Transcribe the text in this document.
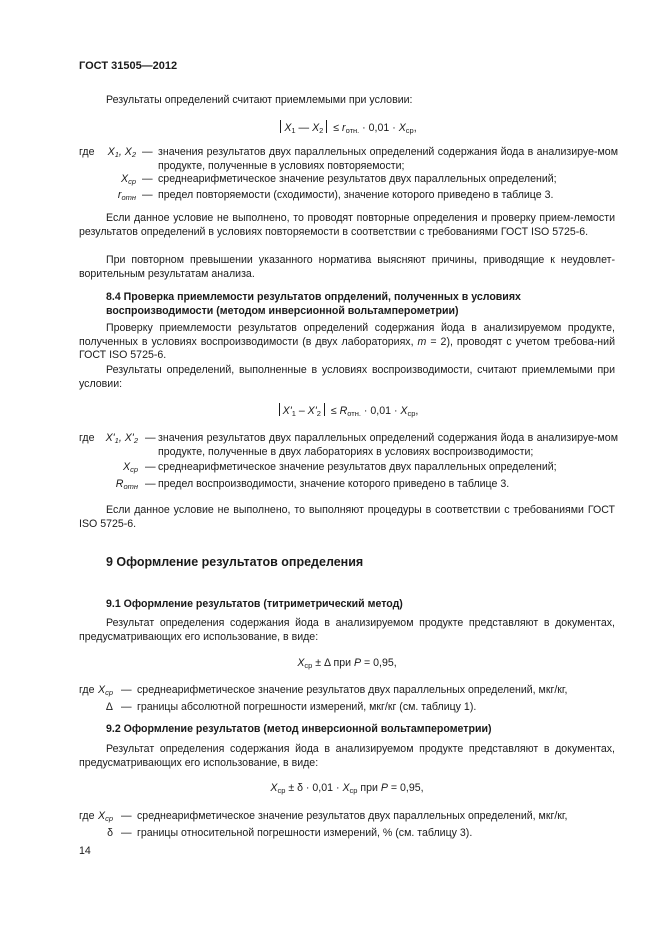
ГОСТ 31505—2012
Результаты определений считают приемлемыми при условии:
$X_1$ — $X_2 \le r_{отн.} \cdot 0,01 \cdot X_{ср}$,
где	$X_1$, $X_2$ — значения результатов двух параллельных определений содержания йода в анализируе-мом продукте, полученные в условиях повторяемости;
$X_{ср}$ — среднеарифметическое значение результатов двух параллельных определений;
$r_{отн}$ — предел повторяемости (сходимости), значение которого приведено в таблице 3.
Если данное условие не выполнено, то проводят повторные определения и проверку прием-лемости результатов определений в условиях повторяемости в соответствии с требованиями ГОСТ ISO 5725-6.
При повторном превышении указанного норматива выясняют причины, приводящие к неудовлет-ворительным результатам анализа.
8.4 Проверка приемлемости результатов опрделений, полученных в условиях воспроизводимости (методом инверсионной вольтамперометрии)
Проверку приемлемости результатов определений содержания йода в анализируемом продукте, полученных в условиях воспроизводимости (в двух лабораториях, m = 2), проводят с учетом требова-ний ГОСТ ISO 5725-6.
Результаты определений, выполненные в условиях воспроизводимости, считают приемлемыми при условии:
$X'_1 - X'_2 \le R_{отн.} \cdot 0,01 \cdot X_{ср}$,
где	$X'_1$, $X'_2$ — значения результатов двух параллельных определений содержания йода в анализируе-мом продукте, полученные в двух лабораториях в условиях воспроизводимости;
$X_{ср}$ — среднеарифметическое значение результатов двух параллельных определений;
$R_{отн}$ — предел воспроизводимости, значение которого приведено в таблице 3.
Если данное условие не выполнено, то выполняют процедуры в соответствии с требованиями ГОСТ ISO 5725-6.
9 Оформление результатов определения
9.1 Оформление результатов (титриметрический метод)
Результат определения содержания йода в анализируемом продукте представляют в документах, предусматривающих его использование, в виде:
$X_{ср} \pm \Delta$ при P = 0,95,
где $X_{ср}$ — среднеарифметическое значение результатов двух параллельных определений, мкг/кг,
Δ — границы абсолютной погрешности измерений, мкг/кг (см. таблицу 1).
9.2 Оформление результатов (метод инверсионной вольтамперометрии)
Результат определения содержания йода в анализируемом продукте представляют в документах, предусматривающих его использование, в виде:
$X_{ср} \pm \delta \cdot 0,01 \cdot X_{ср}$ при P = 0,95,
где $X_{ср}$ — среднеарифметическое значение результатов двух параллельных определений, мкг/кг,
δ — границы относительной погрешности измерений, % (см. таблицу 3).
14
